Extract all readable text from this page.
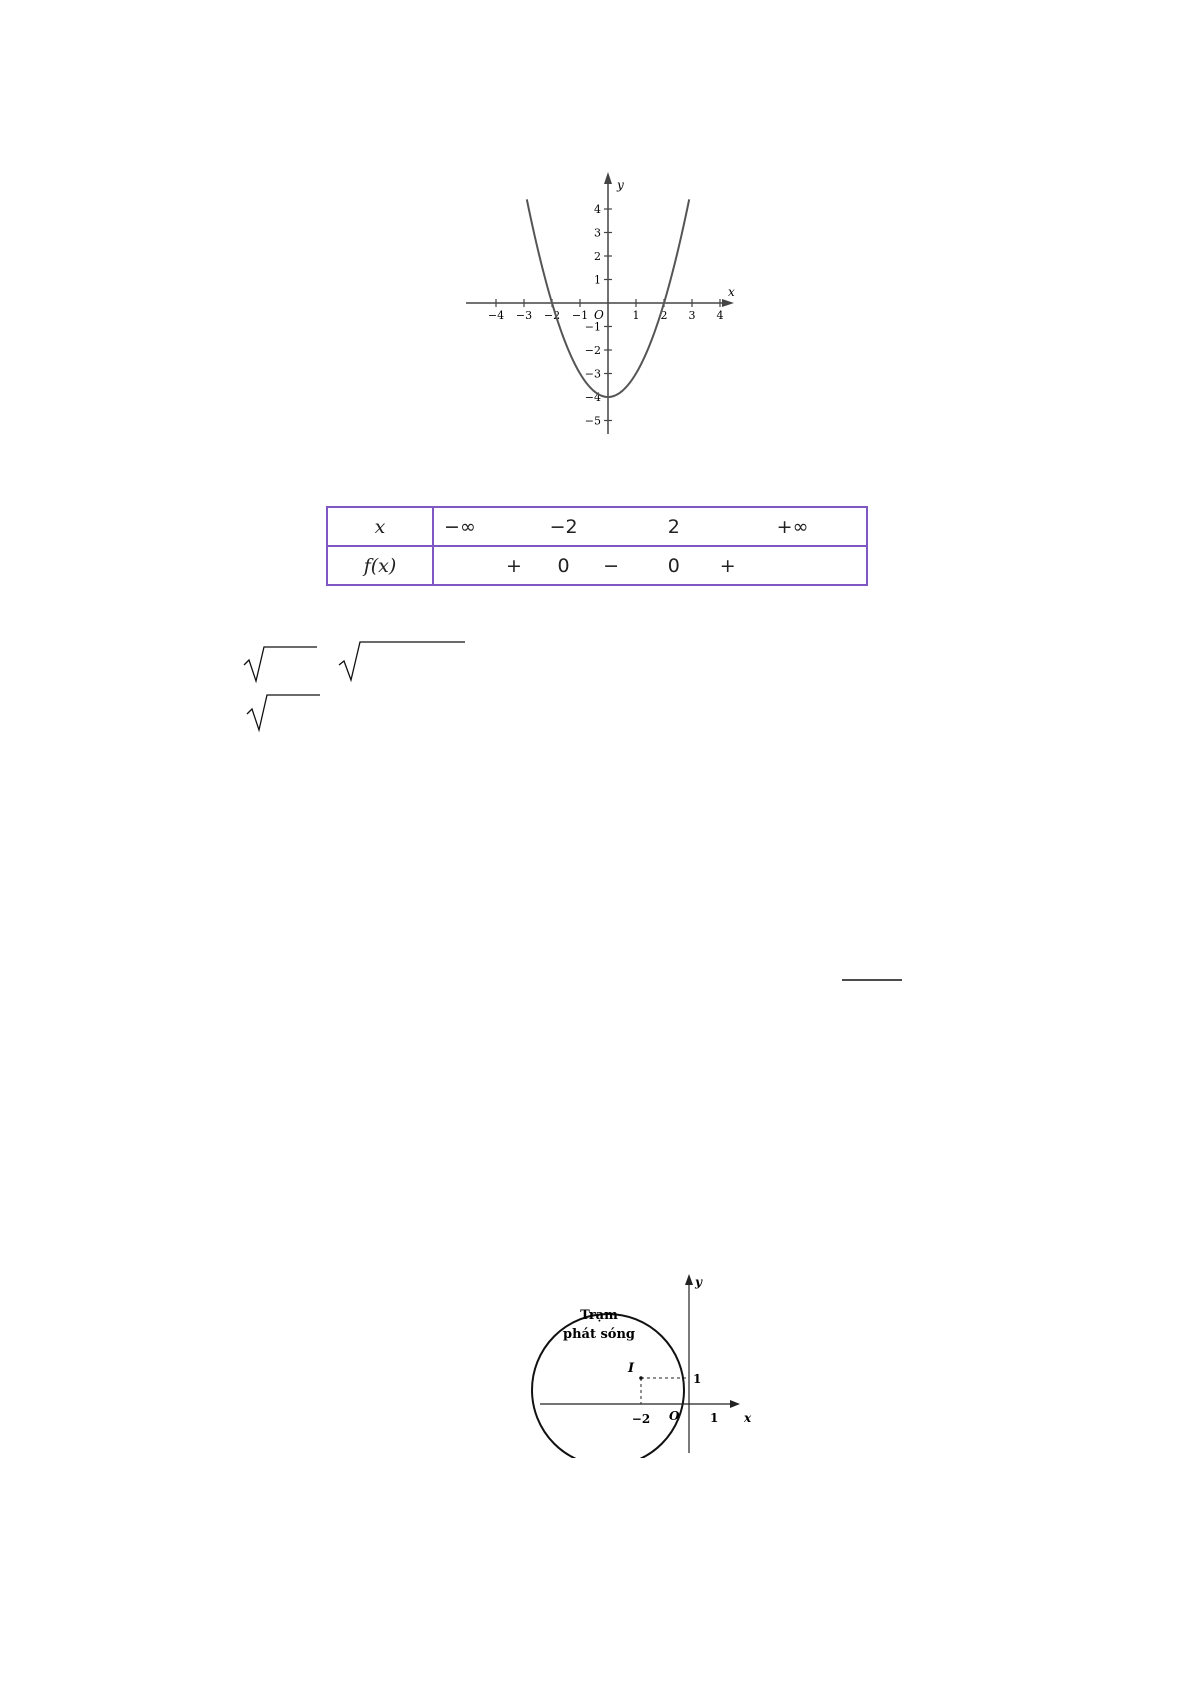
x
y
O
−4 −3 −2 −1	1 2 3 4
4
3
2
1
−1
−2
−3
−4
−5
x	−∞ −2 2 +∞

f(x)	+ 0 − 0 +
Trạm
phát sóng
I
1
−2 O	1 x
y
